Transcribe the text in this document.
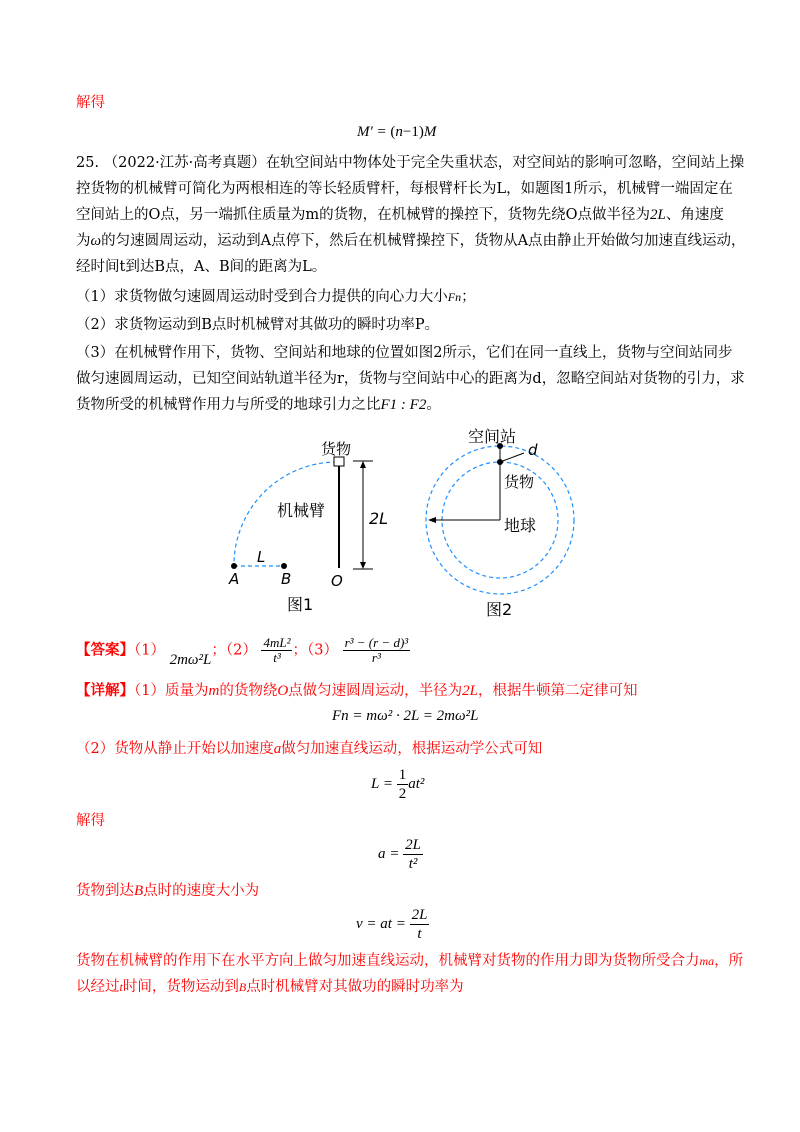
解得
M′ = (n−1)M
25. （2022·江苏·高考真题）在轨空间站中物体处于完全失重状态，对空间站的影响可忽略，空间站上操
控货物的机械臂可简化为两根相连的等长轻质臂杆，每根臂杆长为L，如题图1所示，机械臂一端固定在
空间站上的O点，另一端抓住质量为m的货物，在机械臂的操控下，货物先绕O点做半径为2L、角速度
为ω的匀速圆周运动，运动到A点停下，然后在机械臂操控下，货物从A点由静止开始做匀加速直线运动，
经时间t到达B点，A、B间的距离为L。
（1）求货物做匀速圆周运动时受到合力提供的向心力大小Fn；
（2）求货物运动到B点时机械臂对其做功的瞬时功率P。
（3）在机械臂作用下，货物、空间站和地球的位置如图2所示，它们在同一直线上，货物与空间站同步
做匀速圆周运动，已知空间站轨道半径为r，货物与空间站中心的距离为d，忽略空间站对货物的引力，求
货物所受的机械臂作用力与所受的地球引力之比F1 : F2。
货物
机械臂	2L
L
A	B	O
图1
空间站
d
货物
地球
图2
【答案】（1） 2mω²L；$(2) \frac{\text{4mL²}}{\text{t³}}$ ；$(3) \frac{\text{r³ − (r − d)³}}{\text{r³}}$
【详解】（1）质量为m的货物绕O点做匀速圆周运动，半径为2L，根据牛顿第二定律可知
Fn = mω² · 2L = 2mω²L
（2）货物从静止开始以加速度a做匀加速直线运动，根据运动学公式可知
$L = \frac{1}{2} at^2$
解得
$a = \frac{2L}{\text{t²}}$
货物到达B点时的速度大小为
v = at = $\frac{2L}{t}$
货物在机械臂的作用下在水平方向上做匀加速直线运动，机械臂对货物的作用力即为货物所受合力ma，所
以经过t时间，货物运动到B点时机械臂对其做功的瞬时功率为
